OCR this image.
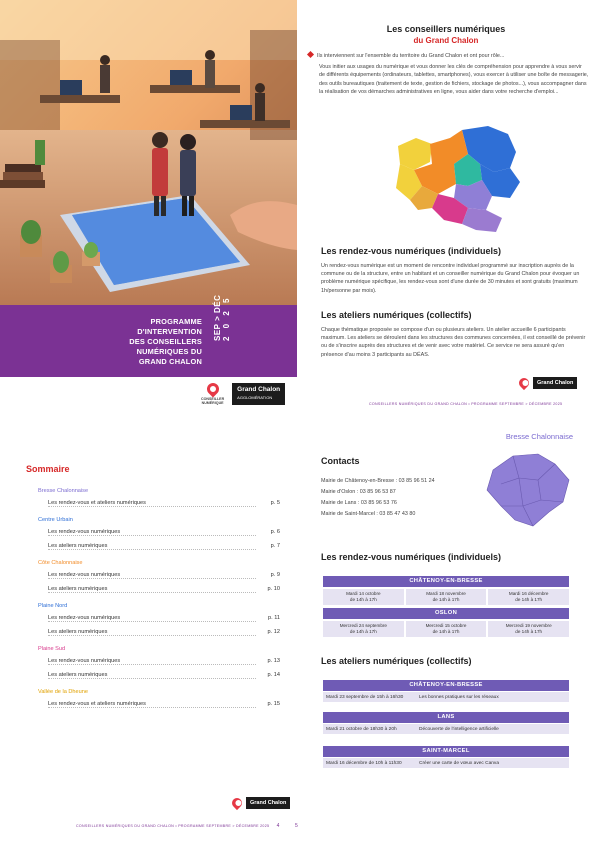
PROGRAMME
D'INTERVENTION
DES CONSEILLERS
NUMÉRIQUES DU
GRAND CHALON
SEP > DÉC 2 0 2 5
CONSEILLER
NUMÉRIQUE
Grand Chalon
AGGLOMÉRATION
Les conseillers numériques
du Grand Chalon

Ils interviennent sur l'ensemble du territoire du Grand Chalon et ont pour rôle...

Vous initier aux usages du numérique et vous donner les clés de compréhension pour apprendre à vous servir de différents équipements (ordinateurs, tablettes, smartphones), vous exercer à utiliser une boîte de messagerie, des outils bureautiques (traitement de texte, gestion de fichiers, stockage de photos...), vous accompagner dans la réalisation de vos démarches administratives en ligne, vous aider dans votre recherche d'emploi...

Les rendez-vous numériques (individuels)
Un rendez-vous numérique est un moment de rencontre individuel programmé sur inscription auprès de la commune ou de la structure, entre un habitant et un conseiller numérique du Grand Chalon pour évoquer un problème numérique spécifique, les rendez-vous sont d'une durée de 30 minutes et sont gratuits (maximum 1h/personne par mois).
Les ateliers numériques (collectifs)
Chaque thématique proposée se compose d'un ou plusieurs ateliers. Un atelier accueille 6 participants maximum. Les ateliers se déroulent dans les structures des communes concernées, il est conseillé de prévenir ou de s'inscrire auprès des structures et de venir avec votre matériel. Ce service ne sera assuré qu'en présence d'au moins 3 participants au DÉAS.
Grand Chalon
CONSEILLERS NUMÉRIQUES DU GRAND CHALON • PROGRAMME SEPTEMBRE > DÉCEMBRE 2025
Sommaire
Bresse Chalonnaise
Les rendez-vous et ateliers numériques	p. 5
Centre Urbain
Les rendez-vous numériques	p. 6
Les ateliers numériques	p. 7
Côte Chalonnaise
Les rendez-vous numériques	p. 9
Les ateliers numériques	p. 10
Plaine Nord
Les rendez-vous numériques	p. 11
Les ateliers numériques	p. 12
Plaine Sud
Les rendez-vous numériques	p. 13
Les ateliers numériques	p. 14
Vallée de la Dheune
Les rendez-vous et ateliers numériques	p. 15
Grand Chalon
CONSEILLERS NUMÉRIQUES DU GRAND CHALON • PROGRAMME SEPTEMBRE > DÉCEMBRE 2025 4	5
Bresse Chalonnaise
Contacts
Mairie de Châtenoy-en-Bresse : 03 85 96 51 24
Mairie d'Oslon : 03 85 96 53 87
Mairie de Lans : 03 85 96 53 76
Mairie de Saint-Marcel : 03 85 47 43 80
Les rendez-vous numériques (individuels)
CHÂTENOY-EN-BRESSE
Mardi 14 octobre
de 14h à 17h
Mardi 18 novembre
de 14h à 17h
Mardi 16 décembre
de 14h à 17h
OSLON
Mercredi 24 septembre
de 14h à 17h
Mercredi 15 octobre
de 14h à 17h
Mercredi 19 novembre
de 14h à 17h
Les ateliers numériques (collectifs)
CHÂTENOY-EN-BRESSE
Mardi 23 septembre de 15h à 16h30	Les bonnes pratiques sur les réseaux
LANS
Mardi 21 octobre de 18h30 à 20h	Découverte de l'intelligence artificielle
SAINT-MARCEL
Mardi 16 décembre de 10h à 11h30	Créer une carte de vœux avec Canva
